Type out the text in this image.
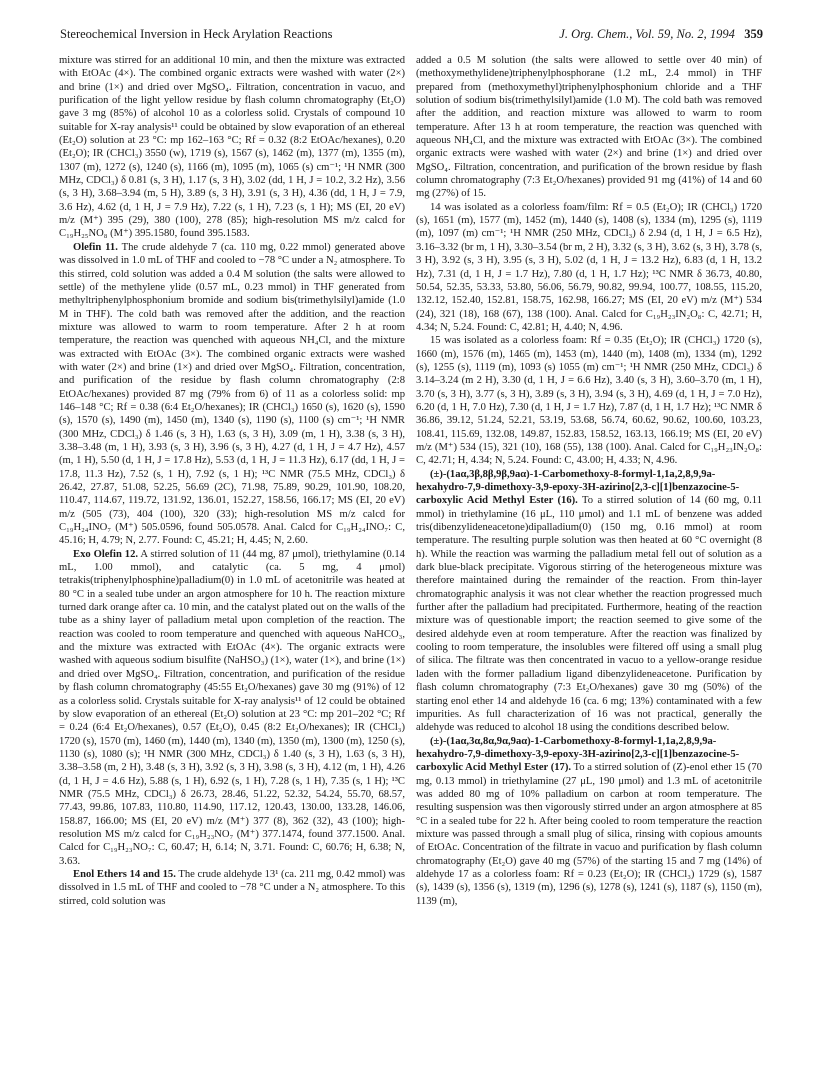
Stereochemical Inversion in Heck Arylation Reactions	J. Org. Chem., Vol. 59, No. 2, 1994 359

mixture was stirred for an additional 10 min, and then the mixture was extracted with EtOAc (4×). The combined organic extracts were washed with water (2×) and brine (1×) and dried over MgSO₄. Filtration, concentration in vacuo, and purification of the light yellow residue by flash column chromatography (Et₂O) gave 3 mg (85%) of alcohol 10 as a colorless solid. Crystals of compound 10 suitable for X-ray analysis¹¹ could be obtained by slow evaporation of an ethereal (Et₂O) solution at 23 °C: mp 162–163 °C; Rf = 0.32 (8:2 EtOAc/hexanes), 0.20 (Et₂O); IR (CHCl₃) 3550 (w), 1719 (s), 1567 (s), 1462 (m), 1377 (m), 1355 (m), 1307 (m), 1272 (s), 1240 (s), 1166 (m), 1095 (m), 1065 (s) cm⁻¹; ¹H NMR (300 MHz, CDCl₃) δ 0.81 (s, 3 H), 1.17 (s, 3 H), 3.02 (dd, 1 H, J = 10.2, 3.2 Hz), 3.56 (s, 3 H), 3.68–3.94 (m, 5 H), 3.89 (s, 3 H), 3.91 (s, 3 H), 4.36 (dd, 1 H, J = 7.9, 3.6 Hz), 4.62 (d, 1 H, J = 7.9 Hz), 7.22 (s, 1 H), 7.23 (s, 1 H); MS (EI, 20 eV) m/z (M⁺) 395 (29), 380 (100), 278 (85); high-resolution MS m/z calcd for C₁₉H₂₅NO₈ (M⁺) 395.1580, found 395.1583.

Olefin 11. The crude aldehyde 7 (ca. 110 mg, 0.22 mmol) generated above was dissolved in 1.0 mL of THF and cooled to −78 °C under a N₂ atmosphere. To this stirred, cold solution was added a 0.4 M solution (the salts were allowed to settle) of the methylene ylide (0.57 mL, 0.23 mmol) in THF generated from methyltriphenylphosphonium bromide and sodium bis(trimethylsilyl)amide (1.0 M in THF). The cold bath was removed after the addition, and the reaction mixture was allowed to warm to room temperature. After 2 h at room temperature, the reaction was quenched with aqueous NH₄Cl, and the mixture was extracted with EtOAc (3×). The combined organic extracts were washed with water (2×) and brine (1×) and dried over MgSO₄. Filtration, concentration, and purification of the residue by flash column chromatography (2:8 EtOAc/hexanes) provided 87 mg (79% from 6) of 11 as a colorless solid: mp 146–148 °C; Rf = 0.38 (6:4 Et₂O/hexanes); IR (CHCl₃) 1650 (s), 1620 (s), 1590 (s), 1570 (s), 1490 (m), 1450 (m), 1340 (s), 1190 (s), 1100 (s) cm⁻¹; ¹H NMR (300 MHz, CDCl₃) δ 1.46 (s, 3 H), 1.63 (s, 3 H), 3.09 (m, 1 H), 3.38 (s, 3 H), 3.38–3.48 (m, 1 H), 3.93 (s, 3 H), 3.96 (s, 3 H), 4.27 (d, 1 H, J = 4.7 Hz), 4.57 (m, 1 H), 5.50 (d, 1 H, J = 17.8 Hz), 5.53 (d, 1 H, J = 11.3 Hz), 6.17 (dd, 1 H, J = 17.8, 11.3 Hz), 7.52 (s, 1 H), 7.92 (s, 1 H); ¹³C NMR (75.5 MHz, CDCl₃) δ 26.42, 27.87, 51.08, 52.25, 56.69 (2C), 71.98, 75.89, 90.29, 101.90, 108.20, 110.47, 114.67, 119.72, 131.92, 136.01, 152.27, 158.56, 166.17; MS (EI, 20 eV) m/z (505 (73), 404 (100), 320 (33); high-resolution MS m/z calcd for C₁₉H₂₄INO₇ (M⁺) 505.0596, found 505.0578. Anal. Calcd for C₁₉H₂₄INO₇: C, 45.16; H, 4.79; N, 2.77. Found: C, 45.21; H, 4.45; N, 2.60.

Exo Olefin 12. A stirred solution of 11 (44 mg, 87 μmol), triethylamine (0.14 mL, 1.00 mmol), and catalytic (ca. 5 mg, 4 μmol) tetrakis(triphenylphosphine)palladium(0) in 1.0 mL of acetonitrile was heated at 80 °C in a sealed tube under an argon atmosphere for 10 h. The reaction mixture turned dark orange after ca. 10 min, and the catalyst plated out on the walls of the tube as a shiny layer of palladium metal upon completion of the reaction. The reaction was cooled to room temperature and quenched with aqueous NaHCO₃, and the mixture was extracted with EtOAc (4×). The organic extracts were washed with aqueous sodium bisulfite (NaHSO₃) (1×), water (1×), and brine (1×) and dried over MgSO₄. Filtration, concentration, and purification of the residue by flash column chromatography (45:55 Et₂O/hexanes) gave 30 mg (91%) of 12 as a colorless solid. Crystals suitable for X-ray analysis¹¹ of 12 could be obtained by slow evaporation of an ethereal (Et₂O) solution at 23 °C: mp 201–202 °C; Rf = 0.24 (6:4 Et₂O/hexanes), 0.57 (Et₂O), 0.45 (8:2 Et₂O/hexanes); IR (CHCl₃) 1720 (s), 1570 (m), 1460 (m), 1440 (m), 1340 (m), 1350 (m), 1300 (m), 1250 (s), 1130 (s), 1080 (s); ¹H NMR (300 MHz, CDCl₃) δ 1.40 (s, 3 H), 1.63 (s, 3 H), 3.38–3.58 (m, 2 H), 3.48 (s, 3 H), 3.92 (s, 3 H), 3.98 (s, 3 H), 4.12 (m, 1 H), 4.26 (d, 1 H, J = 4.6 Hz), 5.88 (s, 1 H), 6.92 (s, 1 H), 7.28 (s, 1 H), 7.35 (s, 1 H); ¹³C NMR (75.5 MHz, CDCl₃) δ 26.73, 28.46, 51.22, 52.32, 54.24, 55.70, 68.57, 77.43, 99.86, 107.83, 110.80, 114.90, 117.12, 120.43, 130.00, 133.28, 146.06, 158.87, 166.00; MS (EI, 20 eV) m/z (M⁺) 377 (8), 362 (32), 43 (100); high-resolution MS m/z calcd for C₁₉H₂₃NO₇ (M⁺) 377.1474, found 377.1500. Anal. Calcd for C₁₉H₂₃NO₇: C, 60.47; H, 6.14; N, 3.71. Found: C, 60.76; H, 6.38; N, 3.63.

Enol Ethers 14 and 15. The crude aldehyde 13¹ (ca. 211 mg, 0.42 mmol) was dissolved in 1.5 mL of THF and cooled to −78 °C under a N₂ atmosphere. To this stirred, cold solution was

added a 0.5 M solution (the salts were allowed to settle over 40 min) of (methoxymethylidene)triphenylphosphorane (1.2 mL, 2.4 mmol) in THF prepared from (methoxymethyl)triphenylphosphonium chloride and a THF solution of sodium bis(trimethylsilyl)amide (1.0 M). The cold bath was removed after the addition, and reaction mixture was allowed to warm to room temperature. After 13 h at room temperature, the reaction was quenched with aqueous NH₄Cl, and the mixture was extracted with EtOAc (3×). The combined organic extracts were washed with water (2×) and brine (1×) and dried over MgSO₄. Filtration, concentration, and purification of the brown residue by flash column chromatography (7:3 Et₂O/hexanes) provided 91 mg (41%) of 14 and 60 mg (27%) of 15.

14 was isolated as a colorless foam/film: Rf = 0.5 (Et₂O); IR (CHCl₃) 1720 (s), 1651 (m), 1577 (m), 1452 (m), 1440 (s), 1408 (s), 1334 (m), 1295 (s), 1119 (m), 1097 (m) cm⁻¹; ¹H NMR (250 MHz, CDCl₃) δ 2.94 (d, 1 H, J = 6.5 Hz), 3.16–3.32 (br m, 1 H), 3.30–3.54 (br m, 2 H), 3.32 (s, 3 H), 3.62 (s, 3 H), 3.78 (s, 3 H), 3.92 (s, 3 H), 3.95 (s, 3 H), 5.02 (d, 1 H, J = 13.2 Hz), 6.83 (d, 1 H, 13.2 Hz), 7.31 (d, 1 H, J = 1.7 Hz), 7.80 (d, 1 H, 1.7 Hz); ¹³C NMR δ 36.73, 40.80, 50.54, 52.35, 53.33, 53.80, 56.06, 56.79, 90.82, 99.94, 100.77, 108.55, 115.20, 132.12, 152.40, 152.81, 158.75, 162.98, 166.27; MS (EI, 20 eV) m/z (M⁺) 534 (24), 321 (18), 168 (67), 138 (100). Anal. Calcd for C₁₉H₂₃IN₂O₈: C, 42.71; H, 4.34; N, 5.24. Found: C, 42.81; H, 4.40; N, 4.96.

15 was isolated as a colorless foam: Rf = 0.35 (Et₂O); IR (CHCl₃) 1720 (s), 1660 (m), 1576 (m), 1465 (m), 1453 (m), 1440 (m), 1408 (m), 1334 (m), 1292 (s), 1255 (s), 1119 (m), 1093 (s) 1055 (m) cm⁻¹; ¹H NMR (250 MHz, CDCl₃) δ 3.14–3.24 (m 2 H), 3.30 (d, 1 H, J = 6.6 Hz), 3.40 (s, 3 H), 3.60–3.70 (m, 1 H), 3.70 (s, 3 H), 3.77 (s, 3 H), 3.89 (s, 3 H), 3.94 (s, 3 H), 4.69 (d, 1 H, J = 7.0 Hz), 6.20 (d, 1 H, 7.0 Hz), 7.30 (d, 1 H, J = 1.7 Hz), 7.87 (d, 1 H, 1.7 Hz); ¹³C NMR δ 36.86, 39.12, 51.24, 52.21, 53.19, 53.68, 56.74, 60.62, 90.62, 100.60, 103.23, 108.41, 115.69, 132.08, 149.87, 152.83, 158.52, 163.13, 166.19; MS (EI, 20 eV) m/z (M⁺) 534 (15), 321 (10), 168 (55), 138 (100). Anal. Calcd for C₁₉H₂₃IN₂O₈: C, 42.71; H, 4.34; N, 5.24. Found: C, 43.00; H, 4.33; N, 4.96.

(±)-(1aα,3β,8β,9β,9aα)-1-Carbomethoxy-8-formyl-1,1a,2,8,9,9a-hexahydro-7,9-dimethoxy-3,9-epoxy-3H-azirino[2,3-c][1]benzazocine-5-carboxylic Acid Methyl Ester (16). To a stirred solution of 14 (60 mg, 0.11 mmol) in triethylamine (16 μL, 110 μmol) and 1.1 mL of benzene was added tris(dibenzylideneacetone)dipalladium(0) (150 mg, 0.16 mmol) at room temperature. The resulting purple solution was then heated at 60 °C overnight (8 h). While the reaction was warming the palladium metal fell out of solution as a dark blue-black precipitate. Vigorous stirring of the heterogeneous mixture was therefore maintained during the remainder of the reaction. From thin-layer chromatographic analysis it was not clear whether the reaction progressed much further after the palladium had precipitated. Furthermore, heating of the reaction mixture was of questionable import; the reaction seemed to give some of the desired aldehyde even at room temperature. After the reaction was finalized by cooling to room temperature, the insolubles were filtered off using a small plug of silica. The filtrate was then concentrated in vacuo to a yellow-orange residue laden with the former palladium ligand dibenzylideneacetone. Purification by flash column chromatography (7:3 Et₂O/hexanes) gave 30 mg (50%) of the starting enol ether 14 and aldehyde 16 (ca. 6 mg; 13%) contaminated with a few impurities. As full characterization of 16 was not practical, generally the aldehyde was reduced to alcohol 18 using the conditions described below.

(±)-(1aα,3α,8α,9α,9aα)-1-Carbomethoxy-8-formyl-1,1a,2,8,9,9a-hexahydro-7,9-dimethoxy-3,9-epoxy-3H-azirino[2,3-c][1]benzazocine-5-carboxylic Acid Methyl Ester (17). To a stirred solution of (Z)-enol ether 15 (70 mg, 0.13 mmol) in triethylamine (27 μL, 190 μmol) and 1.3 mL of acetonitrile was added 80 mg of 10% palladium on carbon at room temperature. The resulting suspension was then vigorously stirred under an argon atmosphere at 85 °C in a sealed tube for 22 h. After being cooled to room temperature the reaction mixture was passed through a small plug of silica, rinsing with copious amounts of EtOAc. Concentration of the filtrate in vacuo and purification by flash column chromatography (Et₂O) gave 40 mg (57%) of the starting 15 and 7 mg (14%) of aldehyde 17 as a colorless foam: Rf = 0.23 (Et₂O); IR (CHCl₃) 1729 (s), 1587 (s), 1439 (s), 1356 (s), 1319 (m), 1296 (s), 1278 (s), 1241 (s), 1187 (s), 1150 (m), 1139 (m),
